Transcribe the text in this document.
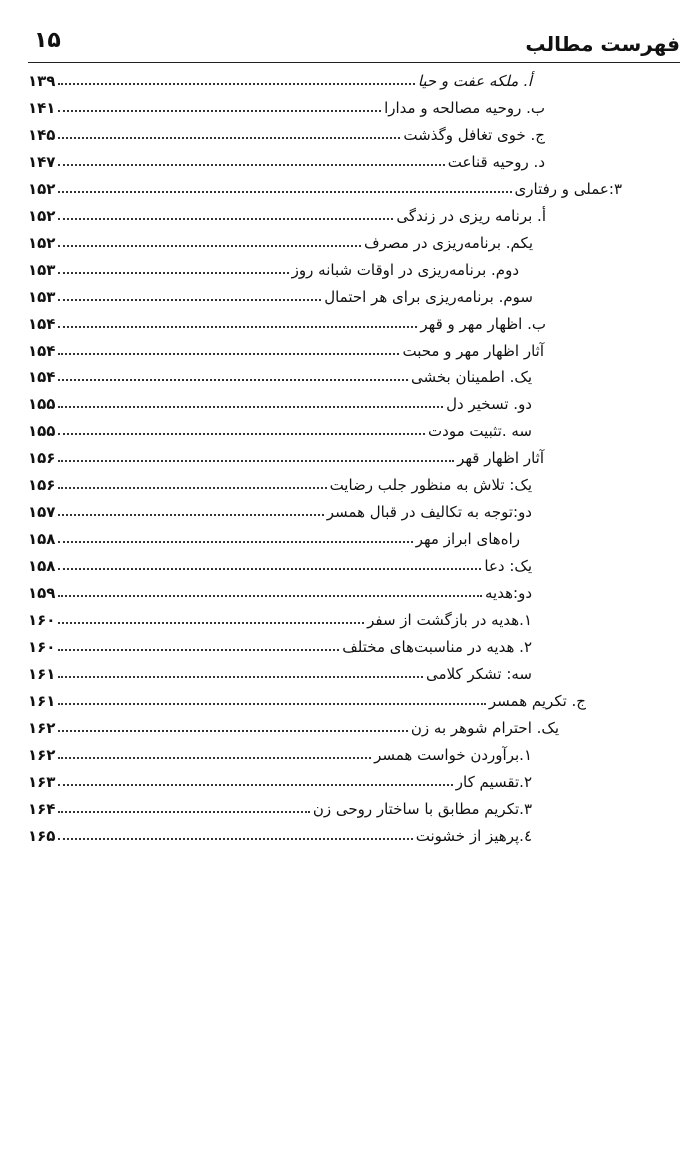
فهرست مطالب
۱۵
أ. ملکه عفت و حیا
۱۳۹
ب. روحیه مصالحه و مدارا
۱۴۱
ج. خوی تغافل وگذشت
۱۴۵
د. روحیه قناعت
۱۴۷
۳:عملی و رفتاری
۱۵۲
أ. برنامه ریزی در زندگی
۱۵۲
یکم. برنامه‌ریزی در مصرف
۱۵۲
دوم. برنامه‌ریزی در اوقات شبانه روز
۱۵۳
سوم. برنامه‌ریزی برای هر احتمال
۱۵۳
ب. اظهار مهر و قهر
۱۵۴
آثار اظهار مهر و محبت
۱۵۴
یک. اطمینان بخشی
۱۵۴
دو. تسخیر دل
۱۵۵
سه .تثبیت مودت
۱۵۵
آثار اظهار قهر
۱۵۶
یک: تلاش به منظور جلب رضایت
۱۵۶
دو:توجه به تکالیف در قبال همسر
۱۵۷
راه‌های ابراز مهر
۱۵۸
یک: دعا
۱۵۸
دو:هدیه
۱۵۹
۱.هدیه در بازگشت از سفر
۱۶۰
۲. هدیه در مناسبت‌های مختلف
۱۶۰
سه: تشکر کلامی
۱۶۱
ج. تکریم همسر
۱۶۱
یک. احترام شوهر به زن
۱۶۲
۱.برآوردن خواست همسر
۱۶۲
۲.تقسیم کار
۱۶۳
۳.تکریم مطابق با ساختار روحی زن
۱۶۴
٤.پرهیز از خشونت
۱۶۵
